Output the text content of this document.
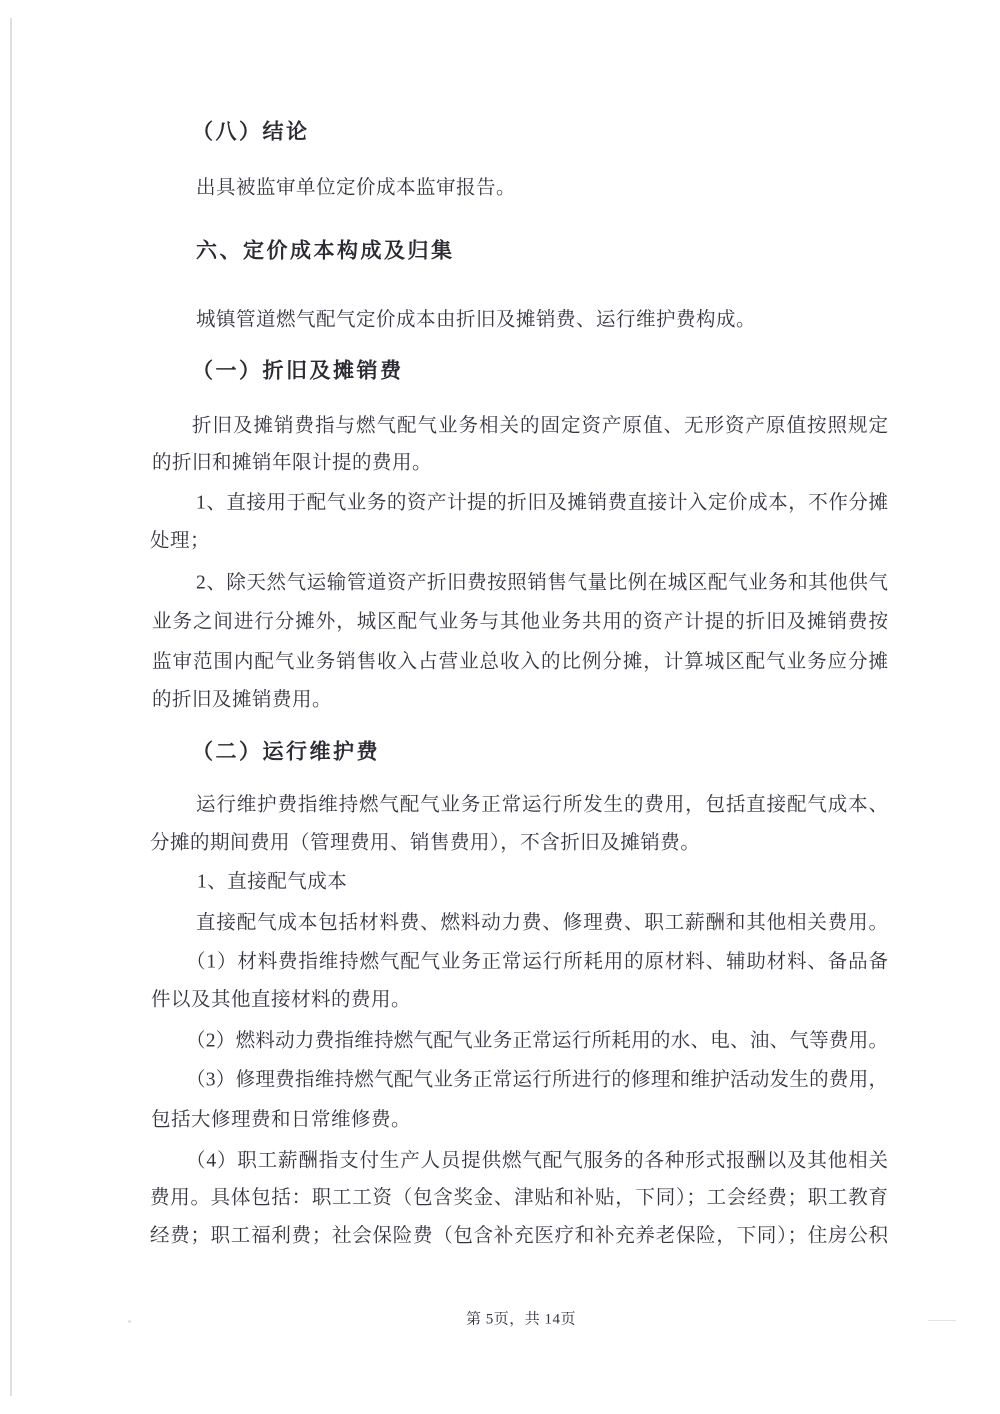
（八）结论
出具被监审单位定价成本监审报告。
六、定价成本构成及归集
城镇管道燃气配气定价成本由折旧及摊销费、运行维护费构成。
（一）折旧及摊销费
折旧及摊销费指与燃气配气业务相关的固定资产原值、无形资产原值按照规定
的折旧和摊销年限计提的费用。
1、直接用于配气业务的资产计提的折旧及摊销费直接计入定价成本，不作分摊
处理；
2、除天然气运输管道资产折旧费按照销售气量比例在城区配气业务和其他供气
业务之间进行分摊外，城区配气业务与其他业务共用的资产计提的折旧及摊销费按
监审范围内配气业务销售收入占营业总收入的比例分摊，计算城区配气业务应分摊
的折旧及摊销费用。
（二）运行维护费
运行维护费指维持燃气配气业务正常运行所发生的费用，包括直接配气成本、
分摊的期间费用（管理费用、销售费用），不含折旧及摊销费。
1、直接配气成本
直接配气成本包括材料费、燃料动力费、修理费、职工薪酬和其他相关费用。
（1）材料费指维持燃气配气业务正常运行所耗用的原材料、辅助材料、备品备
件以及其他直接材料的费用。
（2）燃料动力费指维持燃气配气业务正常运行所耗用的水、电、油、气等费用。
（3）修理费指维持燃气配气业务正常运行所进行的修理和维护活动发生的费用，
包括大修理费和日常维修费。
（4）职工薪酬指支付生产人员提供燃气配气服务的各种形式报酬以及其他相关
费用。具体包括：职工工资（包含奖金、津贴和补贴，下同）；工会经费；职工教育
经费；职工福利费；社会保险费（包含补充医疗和补充养老保险，下同）；住房公积
第 5页，共 14页
